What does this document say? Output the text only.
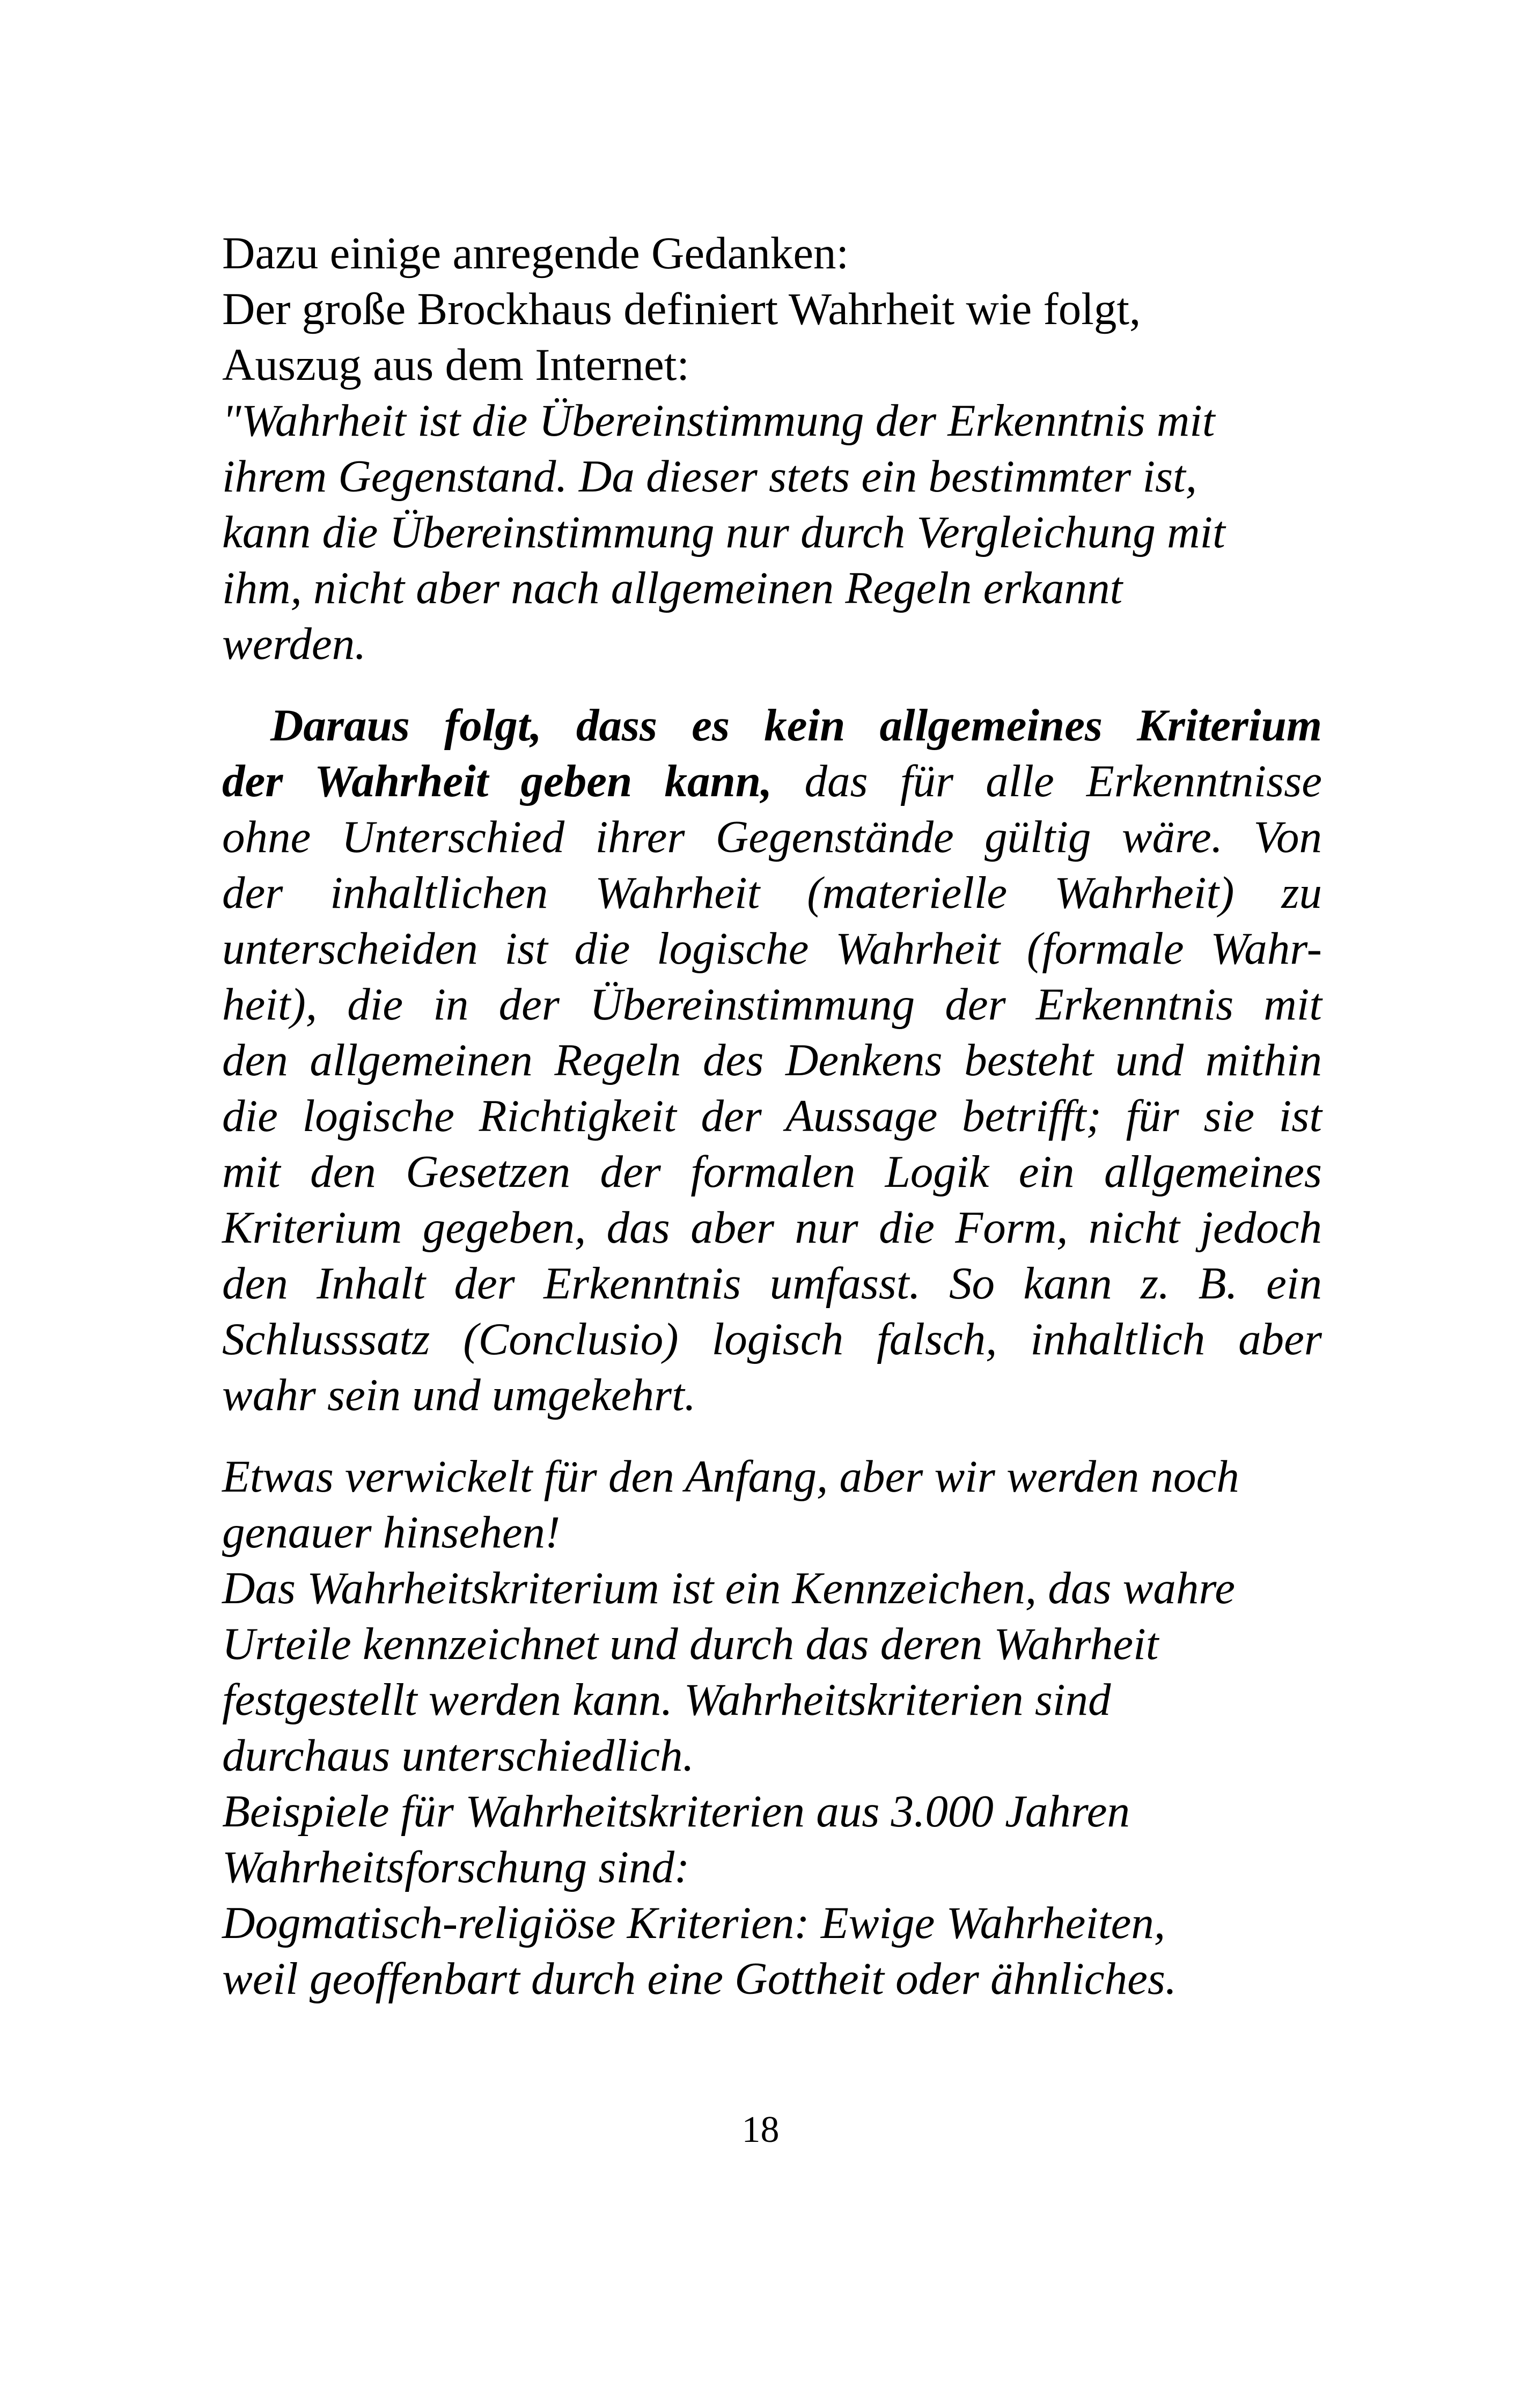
Dazu einige anregende Gedanken:
Der große Brockhaus definiert Wahrheit wie folgt,
Auszug aus dem Internet:
"Wahrheit ist die Übereinstimmung der Erkenntnis mit
ihrem Gegenstand. Da dieser stets ein bestimmter ist,
kann die Übereinstimmung nur durch Vergleichung mit
ihm, nicht aber nach allgemeinen Regeln erkannt
werden.
Daraus folgt, dass es kein allgemeines Kriterium
der Wahrheit geben kann, das für alle Erkenntnisse
ohne Unterschied ihrer Gegenstände gültig wäre. Von
der inhaltlichen Wahrheit (materielle Wahrheit) zu
unterscheiden ist die logische Wahrheit (formale Wahr-
heit), die in der Übereinstimmung der Erkenntnis mit
den allgemeinen Regeln des Denkens besteht und mithin
die logische Richtigkeit der Aussage betrifft; für sie ist
mit den Gesetzen der formalen Logik ein allgemeines
Kriterium gegeben, das aber nur die Form, nicht jedoch
den Inhalt der Erkenntnis umfasst. So kann z. B. ein
Schlusssatz (Conclusio) logisch falsch, inhaltlich aber
wahr sein und umgekehrt.
Etwas verwickelt für den Anfang, aber wir werden noch
genauer hinsehen!
Das Wahrheitskriterium ist ein Kennzeichen, das wahre
Urteile kennzeichnet und durch das deren Wahrheit
festgestellt werden kann. Wahrheitskriterien sind
durchaus unterschiedlich.
Beispiele für Wahrheitskriterien aus 3.000 Jahren
Wahrheitsforschung sind:
Dogmatisch-religiöse Kriterien: Ewige Wahrheiten,
weil geoffenbart durch eine Gottheit oder ähnliches.
18
